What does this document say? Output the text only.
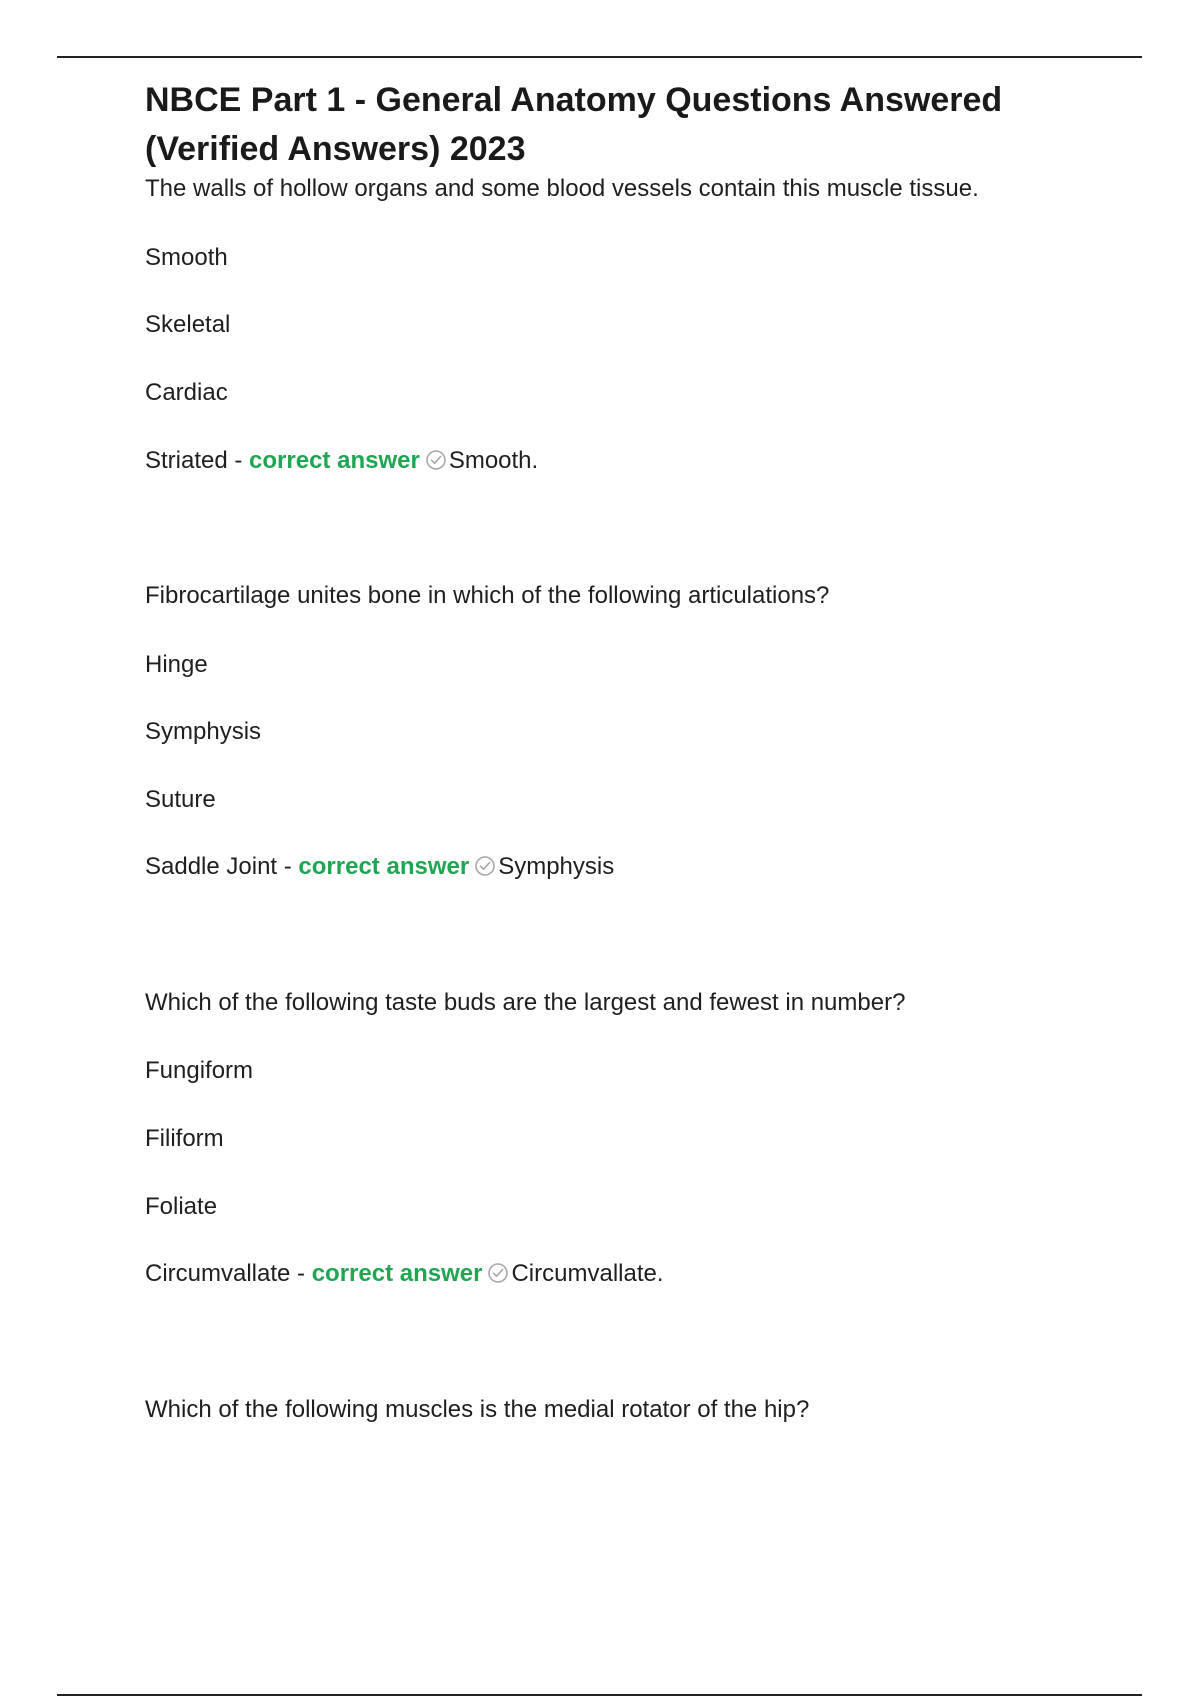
NBCE Part 1 - General Anatomy Questions Answered (Verified Answers) 2023

The walls of hollow organs and some blood vessels contain this muscle tissue.

Smooth

Skeletal

Cardiac

Striated - correct answer Smooth.

Fibrocartilage unites bone in which of the following articulations?

Hinge

Symphysis

Suture

Saddle Joint - correct answer Symphysis

Which of the following taste buds are the largest and fewest in number?

Fungiform

Filiform

Foliate

Circumvallate - correct answer Circumvallate.

Which of the following muscles is the medial rotator of the hip?
